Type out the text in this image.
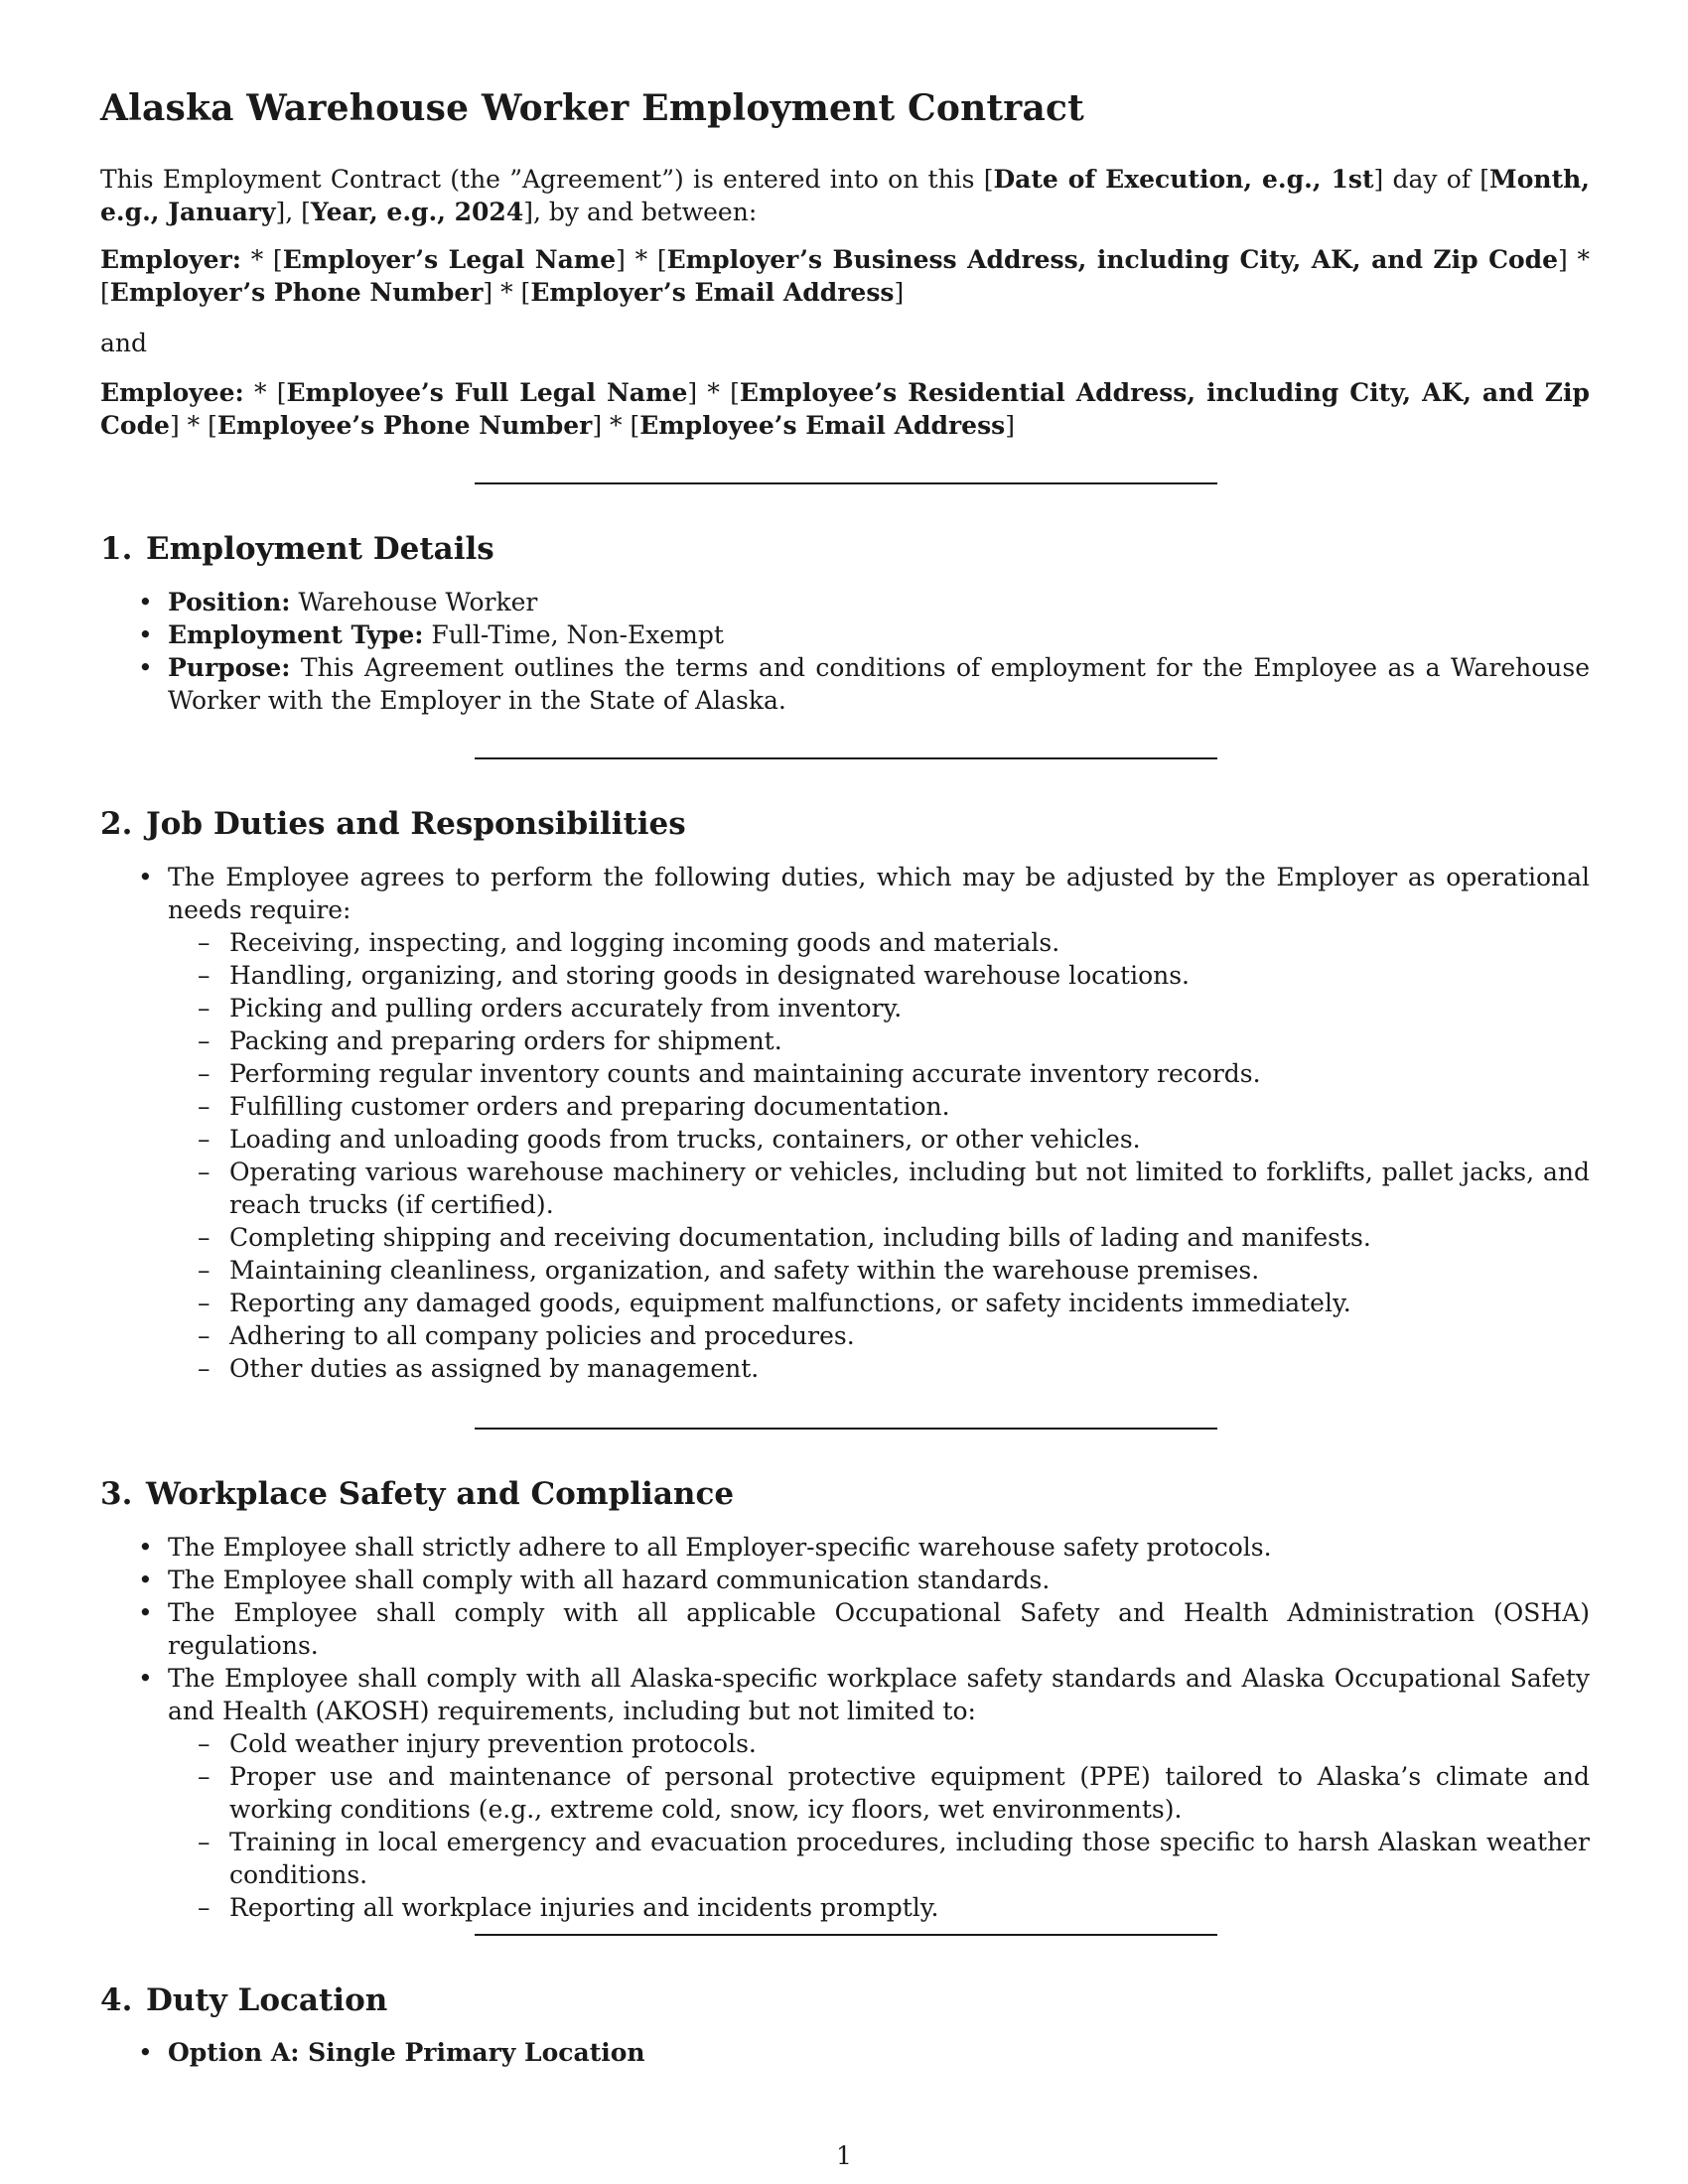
Alaska Warehouse Worker Employment Contract

This Employment Contract (the ”Agreement”) is entered into on this [Date of Execution, e.g., 1st] day of [Month, e.g., January], [Year, e.g., 2024], by and between:

Employer: * [Employer’s Legal Name] * [Employer’s Business Address, including City, AK, and Zip Code] * [Employer’s Phone Number] * [Employer’s Email Address]

and

Employee: * [Employee’s Full Legal Name] * [Employee’s Residential Address, including City, AK, and Zip Code] * [Employee’s Phone Number] * [Employee’s Email Address]

1. Employment Details
• Position: Warehouse Worker
• Employment Type: Full-Time, Non-Exempt
• Purpose: This Agreement outlines the terms and conditions of employment for the Employee as a Warehouse Worker with the Employer in the State of Alaska.
2. Job Duties and Responsibilities
• The Employee agrees to perform the following duties, which may be adjusted by the Employer as operational needs require:
– Receiving, inspecting, and logging incoming goods and materials.
– Handling, organizing, and storing goods in designated warehouse locations.
– Picking and pulling orders accurately from inventory.
– Packing and preparing orders for shipment.
– Performing regular inventory counts and maintaining accurate inventory records.
– Fulfilling customer orders and preparing documentation.
– Loading and unloading goods from trucks, containers, or other vehicles.
– Operating various warehouse machinery or vehicles, including but not limited to forklifts, pallet jacks, and reach trucks (if certified).
– Completing shipping and receiving documentation, including bills of lading and manifests.
– Maintaining cleanliness, organization, and safety within the warehouse premises.
– Reporting any damaged goods, equipment malfunctions, or safety incidents immediately.
– Adhering to all company policies and procedures.
– Other duties as assigned by management.
3. Workplace Safety and Compliance
• The Employee shall strictly adhere to all Employer-specific warehouse safety protocols.
• The Employee shall comply with all hazard communication standards.
• The Employee shall comply with all applicable Occupational Safety and Health Administration (OSHA) regulations.
• The Employee shall comply with all Alaska-specific workplace safety standards and Alaska Occupational Safety and Health (AKOSH) requirements, including but not limited to:
– Cold weather injury prevention protocols.
– Proper use and maintenance of personal protective equipment (PPE) tailored to Alaska’s climate and working conditions (e.g., extreme cold, snow, icy floors, wet environments).
– Training in local emergency and evacuation procedures, including those specific to harsh Alaskan weather conditions.
– Reporting all workplace injuries and incidents promptly.
4. Duty Location
• Option A: Single Primary Location
1
